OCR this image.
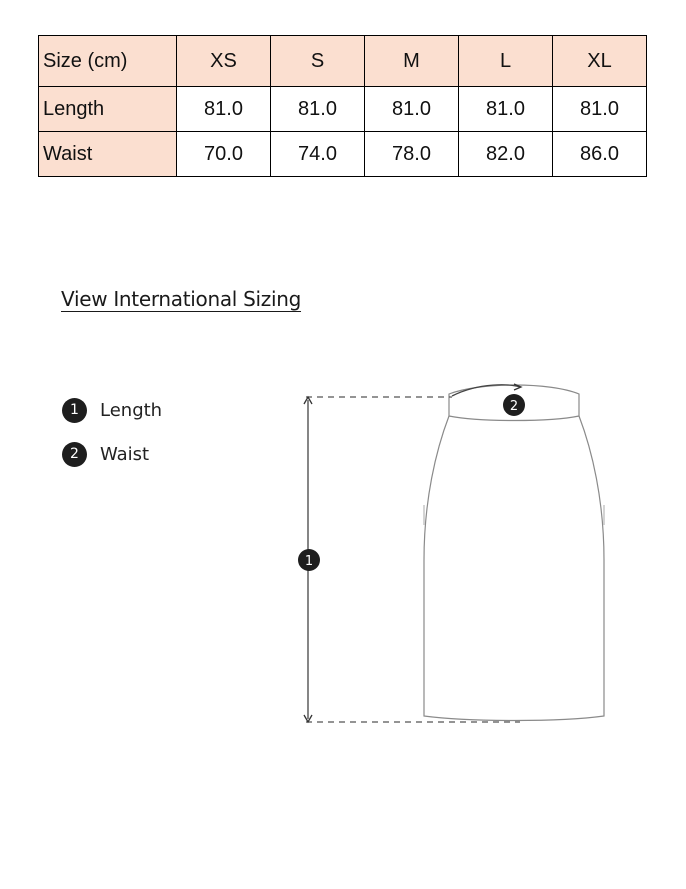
Size (cm)	XS	S	M	L	XL
Length	81.0	81.0	81.0	81.0	81.0
Waist	70.0	74.0	78.0	82.0	86.0
View International Sizing
1	Length
2	Waist
1
2
